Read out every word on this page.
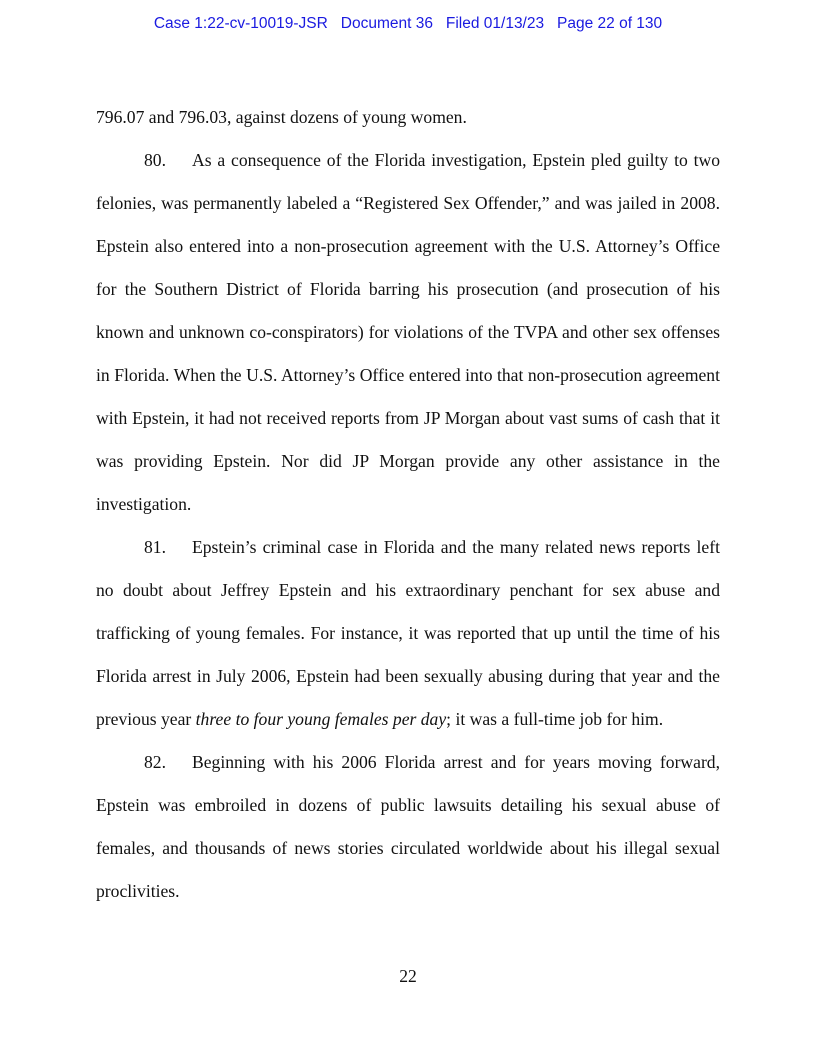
Case 1:22-cv-10019-JSR   Document 36   Filed 01/13/23   Page 22 of 130

796.07 and 796.03, against dozens of young women.

80. As a consequence of the Florida investigation, Epstein pled guilty to two felonies, was permanently labeled a “Registered Sex Offender,” and was jailed in 2008. Epstein also entered into a non-prosecution agreement with the U.S. Attorney’s Office for the Southern District of Florida barring his prosecution (and prosecution of his known and unknown co-conspirators) for violations of the TVPA and other sex offenses in Florida. When the U.S. Attorney’s Office entered into that non-prosecution agreement with Epstein, it had not received reports from JP Morgan about vast sums of cash that it was providing Epstein. Nor did JP Morgan provide any other assistance in the investigation.

81. Epstein’s criminal case in Florida and the many related news reports left no doubt about Jeffrey Epstein and his extraordinary penchant for sex abuse and trafficking of young females. For instance, it was reported that up until the time of his Florida arrest in July 2006, Epstein had been sexually abusing during that year and the previous year three to four young females per day; it was a full-time job for him.

82. Beginning with his 2006 Florida arrest and for years moving forward, Epstein was embroiled in dozens of public lawsuits detailing his sexual abuse of females, and thousands of news stories circulated worldwide about his illegal sexual proclivities.

22
